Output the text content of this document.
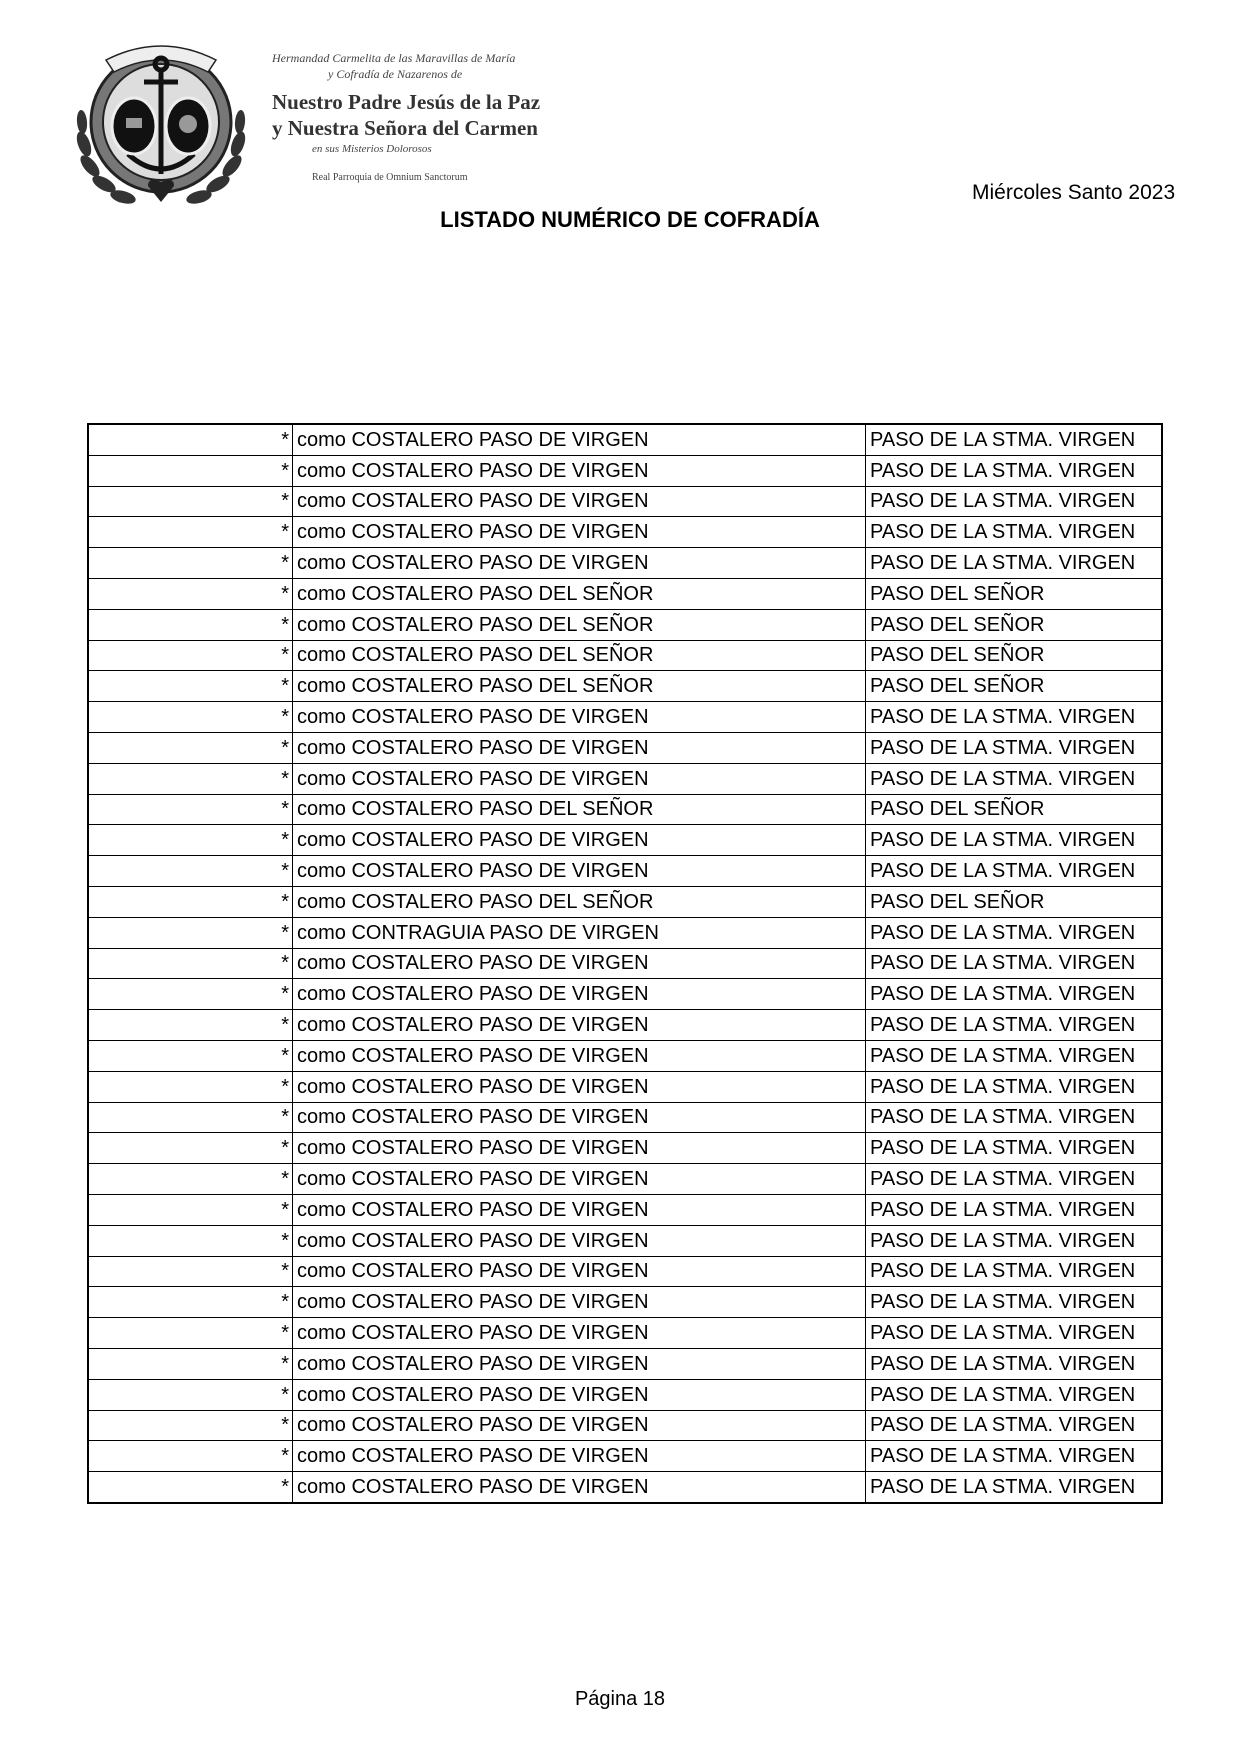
Hermandad Carmelita de las Maravillas de María
y Cofradía de Nazarenos de
Nuestro Padre Jesús de la Paz
y Nuestra Señora del Carmen
en sus Misterios Dolorosos
Real Parroquia de Omnium Sanctorum
Miércoles Santo 2023
LISTADO NUMÉRICO DE COFRADÍA
*	como COSTALERO PASO DE VIRGEN	PASO DE LA STMA. VIRGEN
*	como COSTALERO PASO DE VIRGEN	PASO DE LA STMA. VIRGEN
*	como COSTALERO PASO DE VIRGEN	PASO DE LA STMA. VIRGEN
*	como COSTALERO PASO DE VIRGEN	PASO DE LA STMA. VIRGEN
*	como COSTALERO PASO DE VIRGEN	PASO DE LA STMA. VIRGEN
*	como COSTALERO PASO DEL SEÑOR	PASO DEL SEÑOR
*	como COSTALERO PASO DEL SEÑOR	PASO DEL SEÑOR
*	como COSTALERO PASO DEL SEÑOR	PASO DEL SEÑOR
*	como COSTALERO PASO DEL SEÑOR	PASO DEL SEÑOR
*	como COSTALERO PASO DE VIRGEN	PASO DE LA STMA. VIRGEN
*	como COSTALERO PASO DE VIRGEN	PASO DE LA STMA. VIRGEN
*	como COSTALERO PASO DE VIRGEN	PASO DE LA STMA. VIRGEN
*	como COSTALERO PASO DEL SEÑOR	PASO DEL SEÑOR
*	como COSTALERO PASO DE VIRGEN	PASO DE LA STMA. VIRGEN
*	como COSTALERO PASO DE VIRGEN	PASO DE LA STMA. VIRGEN
*	como COSTALERO PASO DEL SEÑOR	PASO DEL SEÑOR
*	como CONTRAGUIA PASO DE VIRGEN	PASO DE LA STMA. VIRGEN
*	como COSTALERO PASO DE VIRGEN	PASO DE LA STMA. VIRGEN
*	como COSTALERO PASO DE VIRGEN	PASO DE LA STMA. VIRGEN
*	como COSTALERO PASO DE VIRGEN	PASO DE LA STMA. VIRGEN
*	como COSTALERO PASO DE VIRGEN	PASO DE LA STMA. VIRGEN
*	como COSTALERO PASO DE VIRGEN	PASO DE LA STMA. VIRGEN
*	como COSTALERO PASO DE VIRGEN	PASO DE LA STMA. VIRGEN
*	como COSTALERO PASO DE VIRGEN	PASO DE LA STMA. VIRGEN
*	como COSTALERO PASO DE VIRGEN	PASO DE LA STMA. VIRGEN
*	como COSTALERO PASO DE VIRGEN	PASO DE LA STMA. VIRGEN
*	como COSTALERO PASO DE VIRGEN	PASO DE LA STMA. VIRGEN
*	como COSTALERO PASO DE VIRGEN	PASO DE LA STMA. VIRGEN
*	como COSTALERO PASO DE VIRGEN	PASO DE LA STMA. VIRGEN
*	como COSTALERO PASO DE VIRGEN	PASO DE LA STMA. VIRGEN
*	como COSTALERO PASO DE VIRGEN	PASO DE LA STMA. VIRGEN
*	como COSTALERO PASO DE VIRGEN	PASO DE LA STMA. VIRGEN
*	como COSTALERO PASO DE VIRGEN	PASO DE LA STMA. VIRGEN
*	como COSTALERO PASO DE VIRGEN	PASO DE LA STMA. VIRGEN
*	como COSTALERO PASO DE VIRGEN	PASO DE LA STMA. VIRGEN
Página 18
